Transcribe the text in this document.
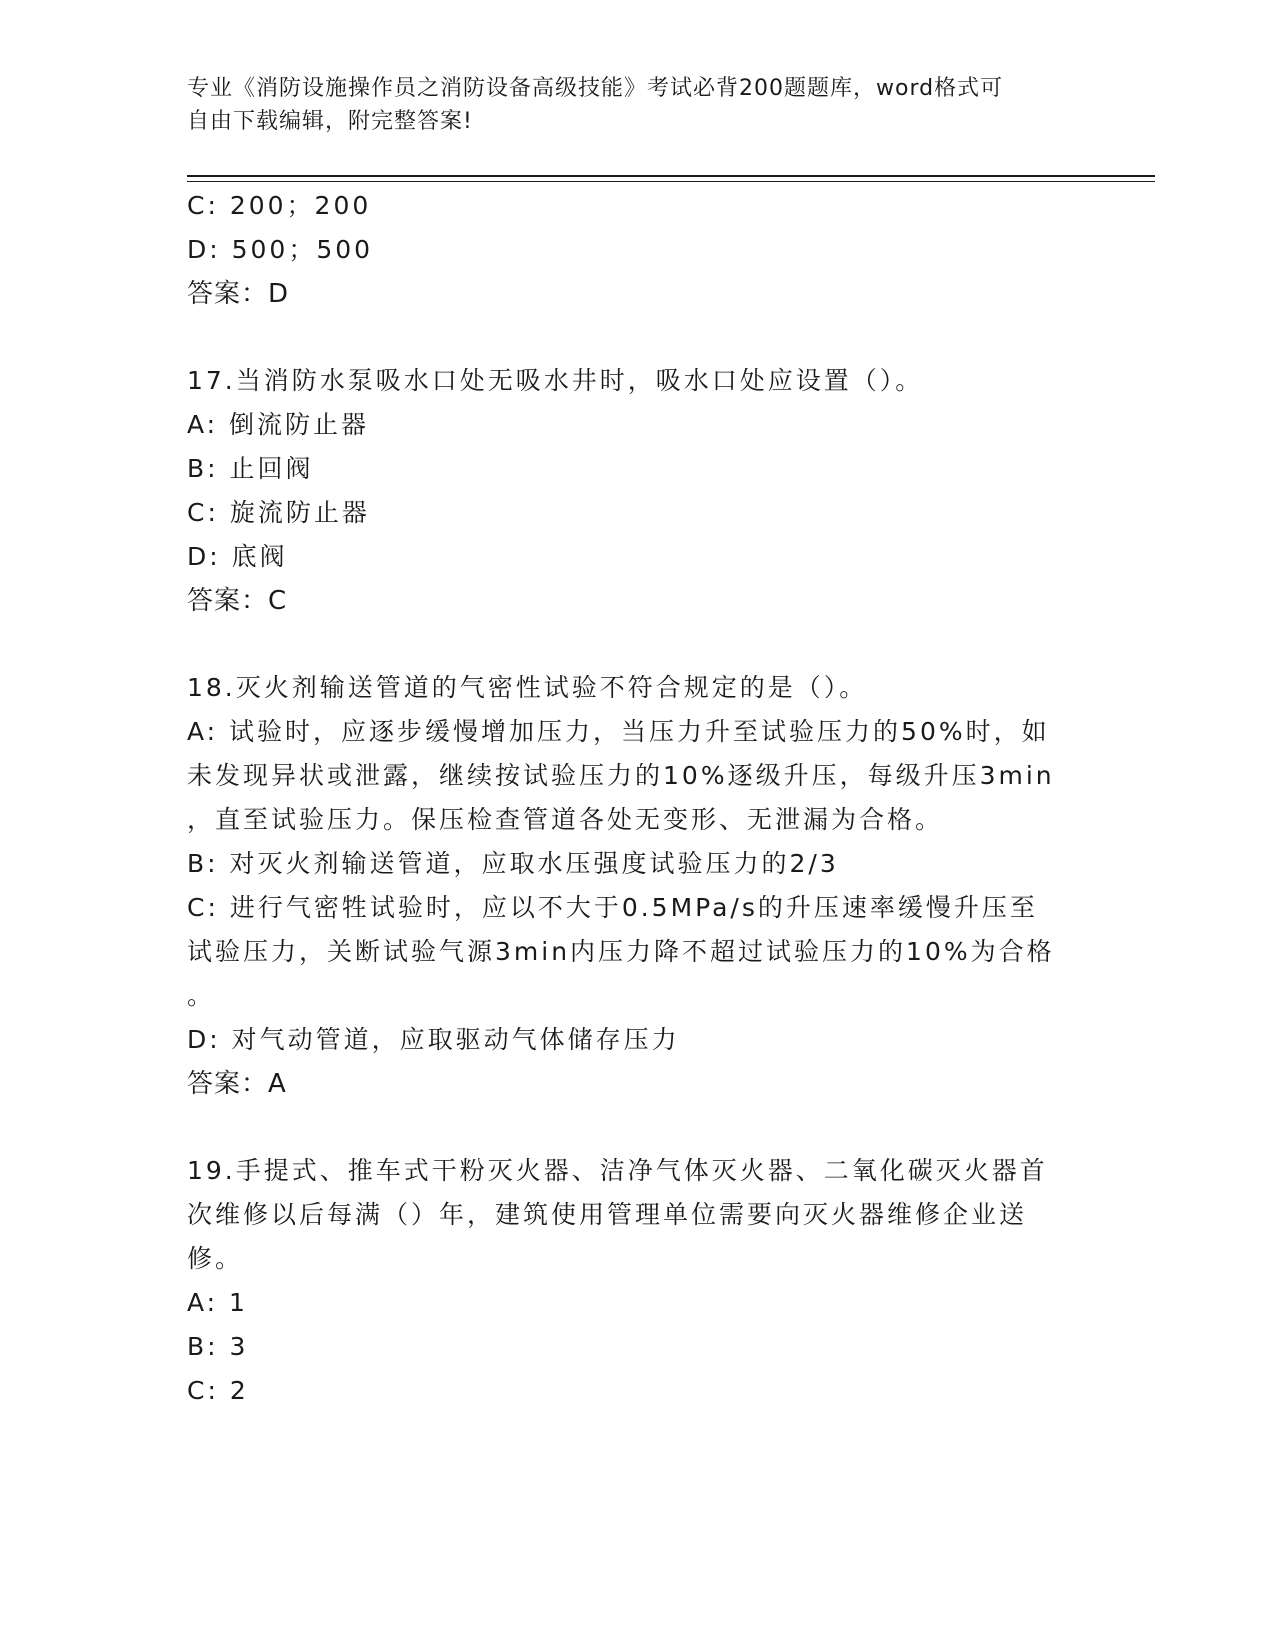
专业《消防设施操作员之消防设备高级技能》考试必背200题题库，word格式可
自由下载编辑，附完整答案!
C: 200；200
D: 500；500
答案：D
17.当消防水泵吸水口处无吸水井时，吸水口处应设置（）。
A: 倒流防止器
B: 止回阀
C: 旋流防止器
D: 底阀
答案：C
18.灭火剂输送管道的气密性试验不符合规定的是（）。
A: 试验时，应逐步缓慢增加压力，当压力升至试验压力的50%时，如
未发现异状或泄露，继续按试验压力的10%逐级升压，每级升压3min
，直至试验压力。保压检查管道各处无变形、无泄漏为合格。
B: 对灭火剂输送管道，应取水压强度试验压力的2/3
C: 进行气密牲试验时，应以不大于0.5MPa/s的升压速率缓慢升压至
试验压力，关断试验气源3min内压力降不超过试验压力的10%为合格
。
D: 对气动管道，应取驱动气体储存压力
答案：A
19.手提式、推车式干粉灭火器、洁净气体灭火器、二氧化碳灭火器首
次维修以后每满（）年，建筑使用管理单位需要向灭火器维修企业送
修。
A: 1
B: 3
C: 2
